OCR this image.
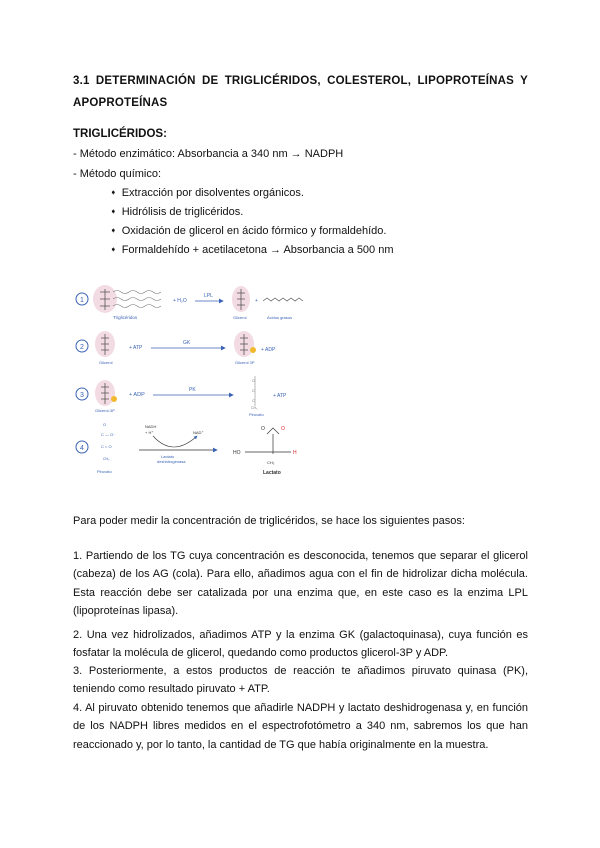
3.1 DETERMINACIÓN DE TRIGLICÉRIDOS, COLESTEROL, LIPOPROTEÍNAS Y
APOPROTEÍNAS
TRIGLICÉRIDOS:
- Método enzimático: Absorbancia a 340 nm → NADPH
- Método químico:
➧ Extracción por disolventes orgánicos.
➧ Hidrólisis de triglicéridos.
➧ Oxidación de glicerol en ácido fórmico y formaldehído.
➧ Formaldehído + acetilacetona → Absorbancia a 500 nm
1
Triglicéridos
+ H₂O
LPL
Glicerol
+
Ácidos grasos
2
Glicerol
+ ATP
GK
Glicerol 3P
+ ADP
3
Glicerol-3P
+ ADP
PK
O
C
C
CH₃
Piruvato
+ ATP
4
O
C — O⁻
C = O
CH₃
Piruvato
NADH
+ H⁺	NAD⁺
Lactato
deshidrogenasa
O	O
HO	H
CH₃
Lactato
Para poder medir la concentración de triglicéridos, se hace los siguientes pasos:
1. Partiendo de los TG cuya concentración es desconocida, tenemos que separar el glicerol (cabeza) de los AG (cola). Para ello, añadimos agua con el fin de hidrolizar dicha molécula. Esta reacción debe ser catalizada por una enzima que, en este caso es la enzima LPL (lipoproteínas lipasa).
2. Una vez hidrolizados, añadimos ATP y la enzima GK (galactoquinasa), cuya función es fosfatar la molécula de glicerol, quedando como productos glicerol-3P y ADP.
3. Posteriormente, a estos productos de reacción te añadimos piruvato quinasa (PK), teniendo como resultado piruvato + ATP.
4. Al piruvato obtenido tenemos que añadirle NADPH y lactato deshidrogenasa y, en función de los NADPH libres medidos en el espectrofotómetro a 340 nm, sabremos los que han reaccionado y, por lo tanto, la cantidad de TG que había originalmente en la muestra.
